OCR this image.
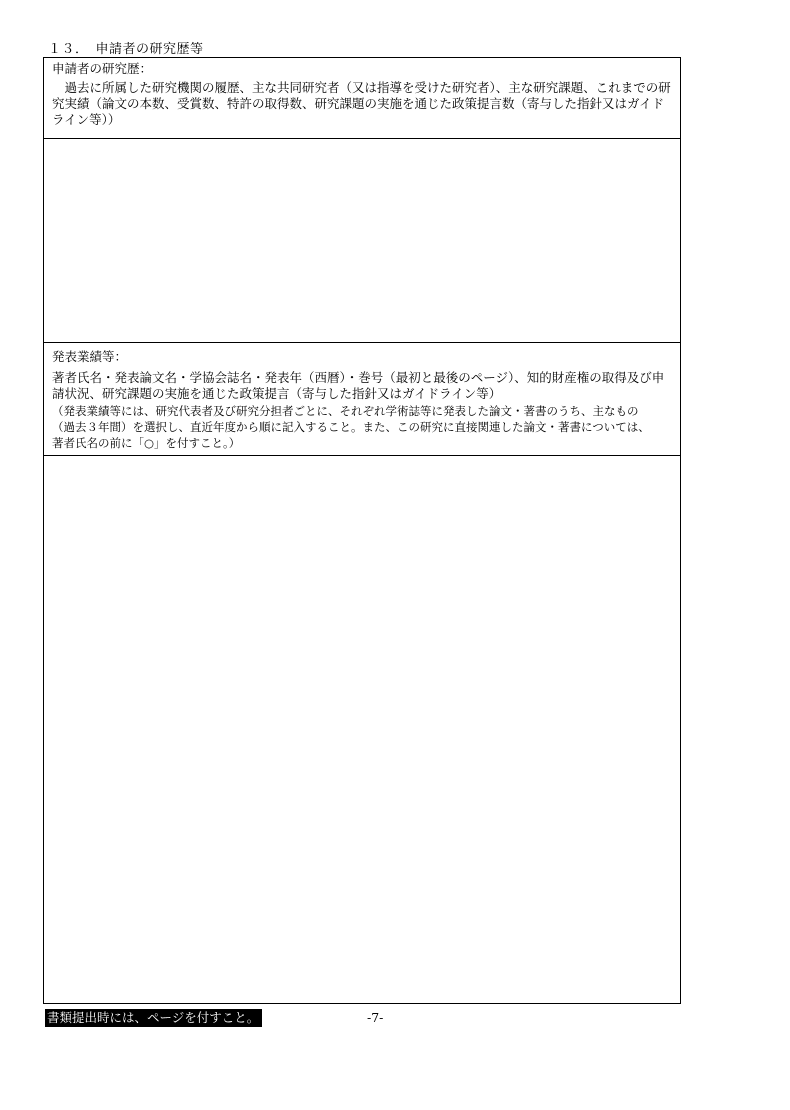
１３．　申請者の研究歴等
申請者の研究歴：
　過去に所属した研究機関の履歴、主な共同研究者（又は指導を受けた研究者）、主な研究課題、これまでの研究実績（論文の本数、受賞数、特許の取得数、研究課題の実施を通じた政策提言数（寄与した指針又はガイドライン等））
発表業績等：
著者氏名・発表論文名・学協会誌名・発表年（西暦）・巻号（最初と最後のページ）、知的財産権の取得及び申請状況、研究課題の実施を通じた政策提言（寄与した指針又はガイドライン等）
（発表業績等には、研究代表者及び研究分担者ごとに、それぞれ学術誌等に発表した論文・著書のうち、主なもの（過去３年間）を選択し、直近年度から順に記入すること。また、この研究に直接関連した論文・著書については、著者氏名の前に「○」を付すこと。）
書類提出時には、ページを付すこと。	-7-
